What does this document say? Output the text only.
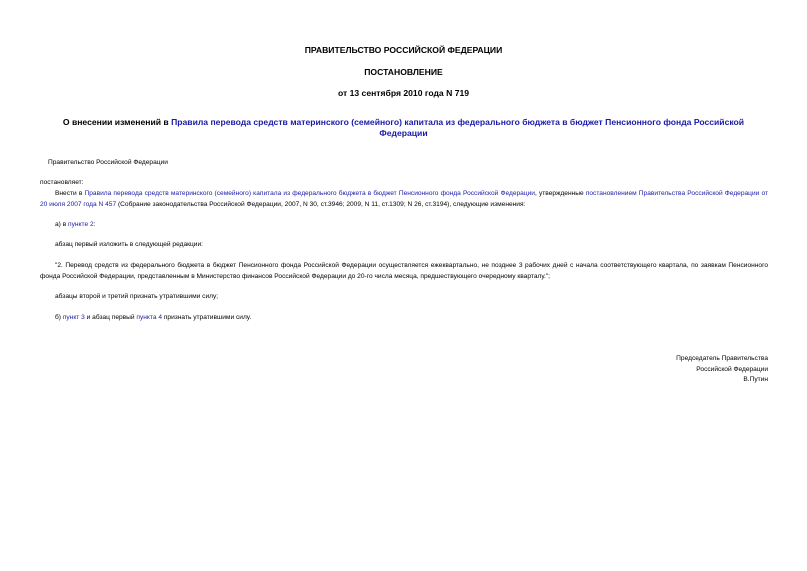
ПРАВИТЕЛЬСТВО РОССИЙСКОЙ ФЕДЕРАЦИИ
ПОСТАНОВЛЕНИЕ
от 13 сентября 2010 года N 719
О внесении изменений в Правила перевода средств материнского (семейного) капитала из федерального бюджета в бюджет Пенсионного фонда Российской Федерации
Правительство Российской Федерации
постановляет:
Внести в Правила перевода средств материнского (семейного) капитала из федерального бюджета в бюджет Пенсионного фонда Российской Федерации, утвержденные постановлением Правительства Российской Федерации от 20 июля 2007 года N 457 (Собрание законодательства Российской Федерации, 2007, N 30, ст.3946; 2009, N 11, ст.1309; N 26, ст.3194), следующие изменения:
а) в пункте 2:
абзац первый изложить в следующей редакции:
"2. Перевод средств из федерального бюджета в бюджет Пенсионного фонда Российской Федерации осуществляется ежеквартально, не позднее 3 рабочих дней с начала соответствующего квартала, по заявкам Пенсионного фонда Российской Федерации, представленным в Министерство финансов Российской Федерации до 20-го числа месяца, предшествующего очередному кварталу.";
абзацы второй и третий признать утратившими силу;
б) пункт 3 и абзац первый пункта 4 признать утратившими силу.
Председатель Правительства
Российской Федерации
В.Путин
